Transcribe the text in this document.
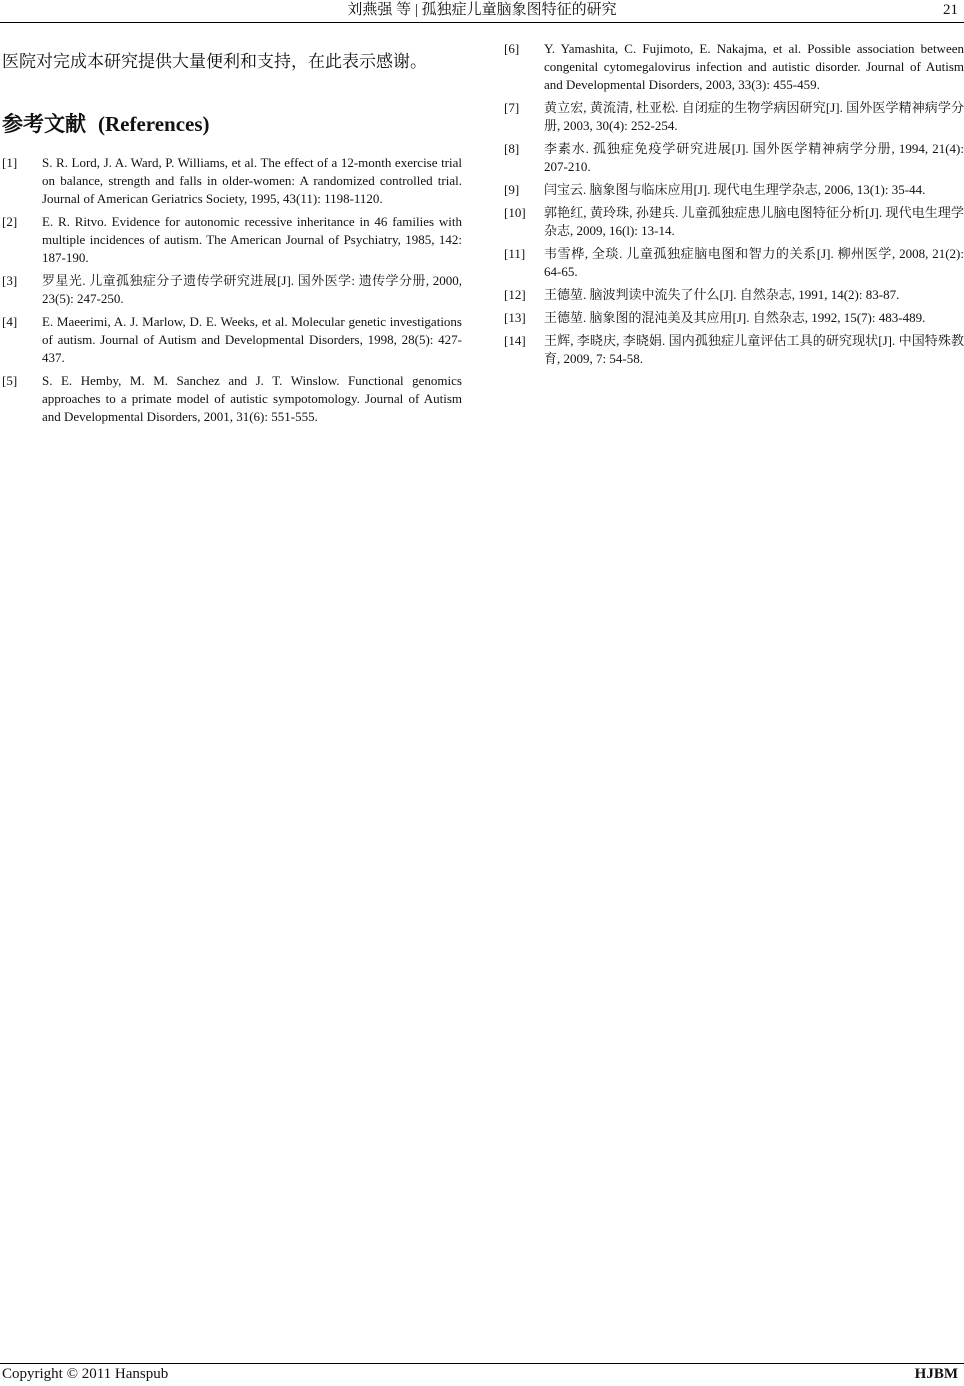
刘燕强 等 | 孤独症儿童脑象图特征的研究	21

医院对完成本研究提供大量便利和支持，在此表示感谢。

参考文献 (References)
[1]	S. R. Lord, J. A. Ward, P. Williams, et al. The effect of a 12-month exercise trial on balance, strength and falls in older-women: A randomized controlled trial. Journal of American Geriatrics Society, 1995, 43(11): 1198-1120.
[2]	E. R. Ritvo. Evidence for autonomic recessive inheritance in 46 families with multiple incidences of autism. The American Journal of Psychiatry, 1985, 142: 187-190.
[3]	罗星光. 儿童孤独症分子遗传学研究进展[J]. 国外医学: 遗传学分册, 2000, 23(5): 247-250.
[4]	E. Maeerimi, A. J. Marlow, D. E. Weeks, et al. Molecular genetic investigations of autism. Journal of Autism and Developmental Disorders, 1998, 28(5): 427-437.
[5]	S. E. Hemby, M. M. Sanchez and J. T. Winslow. Functional genomics approaches to a primate model of autistic sympotomology. Journal of Autism and Developmental Disorders, 2001, 31(6): 551-555.
[6]	Y. Yamashita, C. Fujimoto, E. Nakajma, et al. Possible association between congenital cytomegalovirus infection and autistic disorder. Journal of Autism and Developmental Disorders, 2003, 33(3): 455-459.
[7]	黄立宏, 黄流清, 杜亚松. 自闭症的生物学病因研究[J]. 国外医学精神病学分册, 2003, 30(4): 252-254.
[8]	李素水. 孤独症免疫学研究进展[J]. 国外医学精神病学分册, 1994, 21(4): 207-210.
[9]	闫宝云. 脑象图与临床应用[J]. 现代电生理学杂志, 2006, 13(1): 35-44.
[10]	郭艳红, 黄玲珠, 孙建兵. 儿童孤独症患儿脑电图特征分析[J]. 现代电生理学杂志, 2009, 16(l): 13-14.
[11]	韦雪桦, 全琰. 儿童孤独症脑电图和智力的关系[J]. 柳州医学, 2008, 21(2): 64-65.
[12]	王德堃. 脑波判读中流失了什么[J]. 自然杂志, 1991, 14(2): 83-87.
[13]	王德堃. 脑象图的混沌美及其应用[J]. 自然杂志, 1992, 15(7): 483-489.
[14]	王辉, 李晓庆, 李晓娟. 国内孤独症儿童评估工具的研究现状[J]. 中国特殊教育, 2009, 7: 54-58.
Copyright © 2011 Hanspub	HJBM
